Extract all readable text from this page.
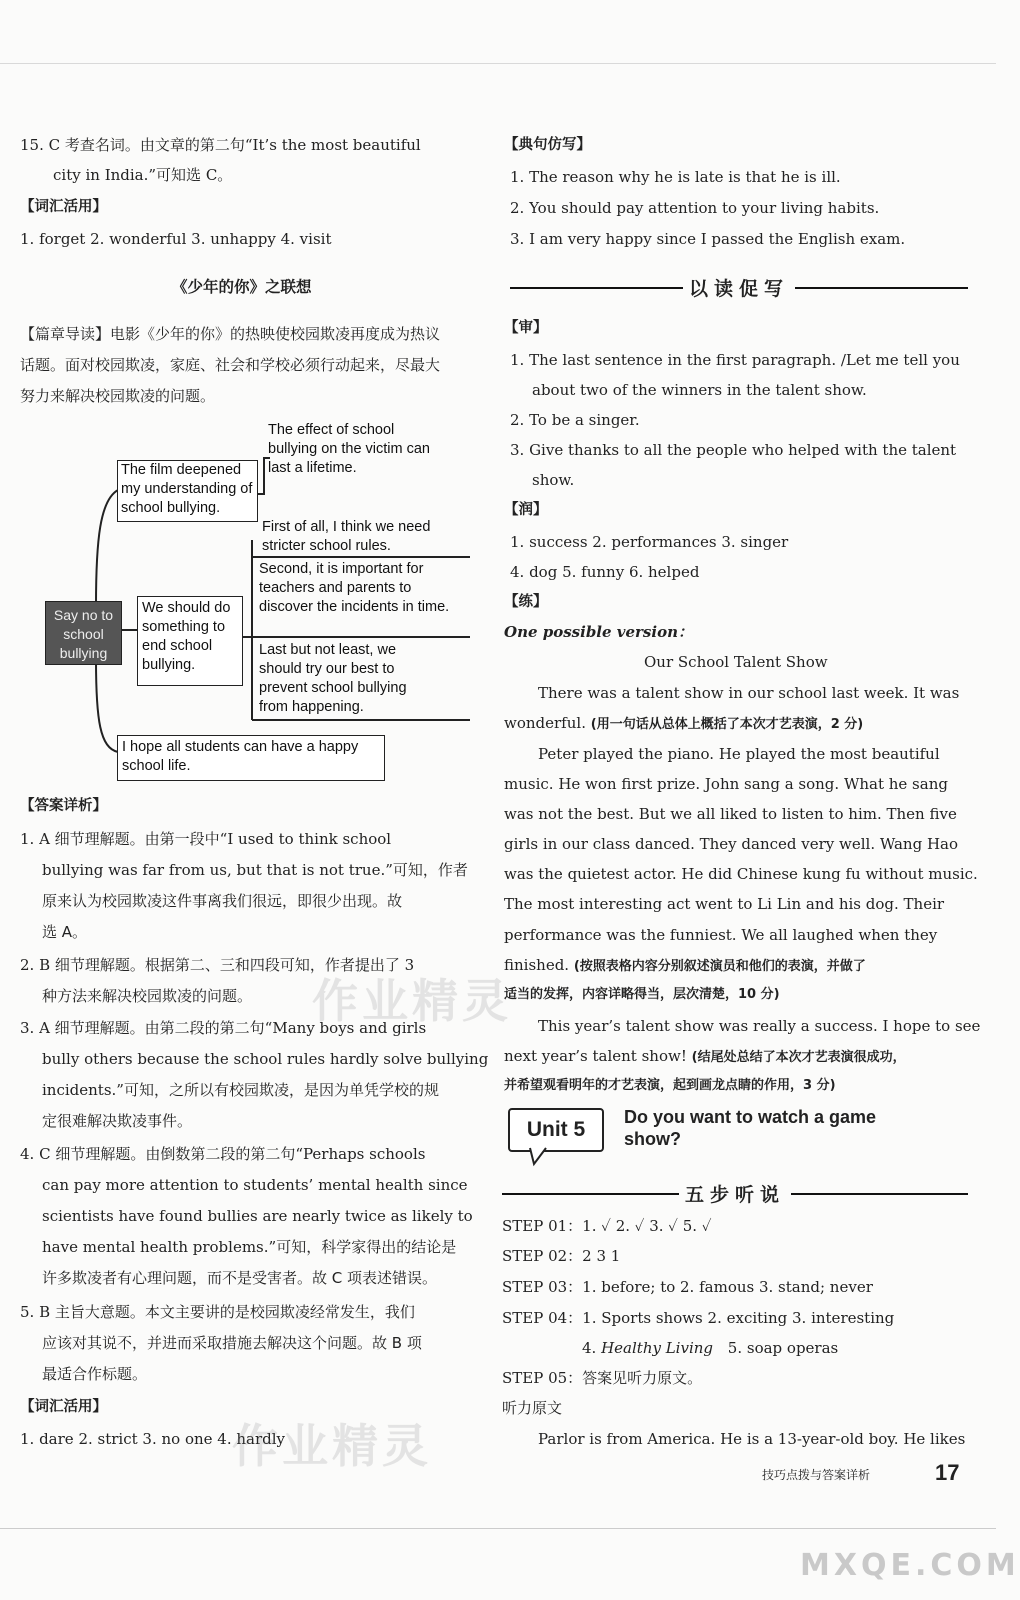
15. C 考查名词。由文章的第二句“It’s the most beautiful
city in India.”可知选 C。
【词汇活用】
1. forget 2. wonderful 3. unhappy 4. visit
《少年的你》之联想
【篇章导读】电影《少年的你》的热映使校园欺凌再度成为热议
话题。面对校园欺凌，家庭、社会和学校必须行动起来，尽最大
努力来解决校园欺凌的问题。
【答案详析】
1. A 细节理解题。由第一段中“I used to think school
bullying was far from us, but that is not true.”可知，作者
原来认为校园欺凌这件事离我们很远，即很少出现。故
选 A。
2. B 细节理解题。根据第二、三和四段可知，作者提出了 3
种方法来解决校园欺凌的问题。
3. A 细节理解题。由第二段的第二句“Many boys and girls
bully others because the school rules hardly solve bullying
incidents.”可知，之所以有校园欺凌，是因为单凭学校的规
定很难解决欺凌事件。
4. C 细节理解题。由倒数第二段的第二句“Perhaps schools
can pay more attention to students’ mental health since
scientists have found bullies are nearly twice as likely to
have mental health problems.”可知，科学家得出的结论是
许多欺凌者有心理问题，而不是受害者。故 C 项表述错误。
5. B 主旨大意题。本文主要讲的是校园欺凌经常发生，我们
应该对其说不，并进而采取措施去解决这个问题。故 B 项
最适合作标题。
【词汇活用】
1. dare 2. strict 3. no one 4. hardly
Say no to school bullying
The film deepened my understanding of school bullying.
The effect of school bullying on the victim can last a lifetime.
We should do something to end school bullying.
First of all, I think we need stricter school rules.
Second, it is important for teachers and parents to discover the incidents in time.
Last but not least, we should try our best to prevent school bullying from happening.
I hope all students can have a happy school life.
【典句仿写】
1. The reason why he is late is that he is ill.
2. You should pay attention to your living habits.
3. I am very happy since I passed the English exam.
以读促写
【审】
1. The last sentence in the first paragraph. /Let me tell you
about two of the winners in the talent show.
2. To be a singer.
3. Give thanks to all the people who helped with the talent
show.
【润】
1. success 2. performances 3. singer
4. dog 5. funny 6. helped
【练】
One possible version：
Our School Talent Show
There was a talent show in our school last week. It was
wonderful. (用一句话从总体上概括了本次才艺表演，2 分)
Peter played the piano. He played the most beautiful
music. He won first prize. John sang a song. What he sang
was not the best. But we all liked to listen to him. Then five
girls in our class danced. They danced very well. Wang Hao
was the quietest actor. He did Chinese kung fu without music.
The most interesting act went to Li Lin and his dog. Their
performance was the funniest. We all laughed when they
finished. (按照表格内容分别叙述演员和他们的表演，并做了
适当的发挥，内容详略得当，层次清楚，10 分)
This year’s talent show was really a success. I hope to see
next year’s talent show! (结尾处总结了本次才艺表演很成功，
并希望观看明年的才艺表演，起到画龙点睛的作用，3 分)
五步听说
STEP 01：1. ✓ 2. ✓ 3. ✓ 5. ✓
STEP 02：2 3 1
STEP 03：1. before; to 2. famous 3. stand; never
STEP 04：1. Sports shows 2. exciting 3. interesting
4. Healthy Living 5. soap operas
STEP 05：答案见听力原文。
听力原文
Parlor is from America. He is a 13-year-old boy. He likes
Unit 5
Do you want to watch a game
show?
作业精灵
作业精灵
MXQE.COM
技巧点拨与答案详析	17
